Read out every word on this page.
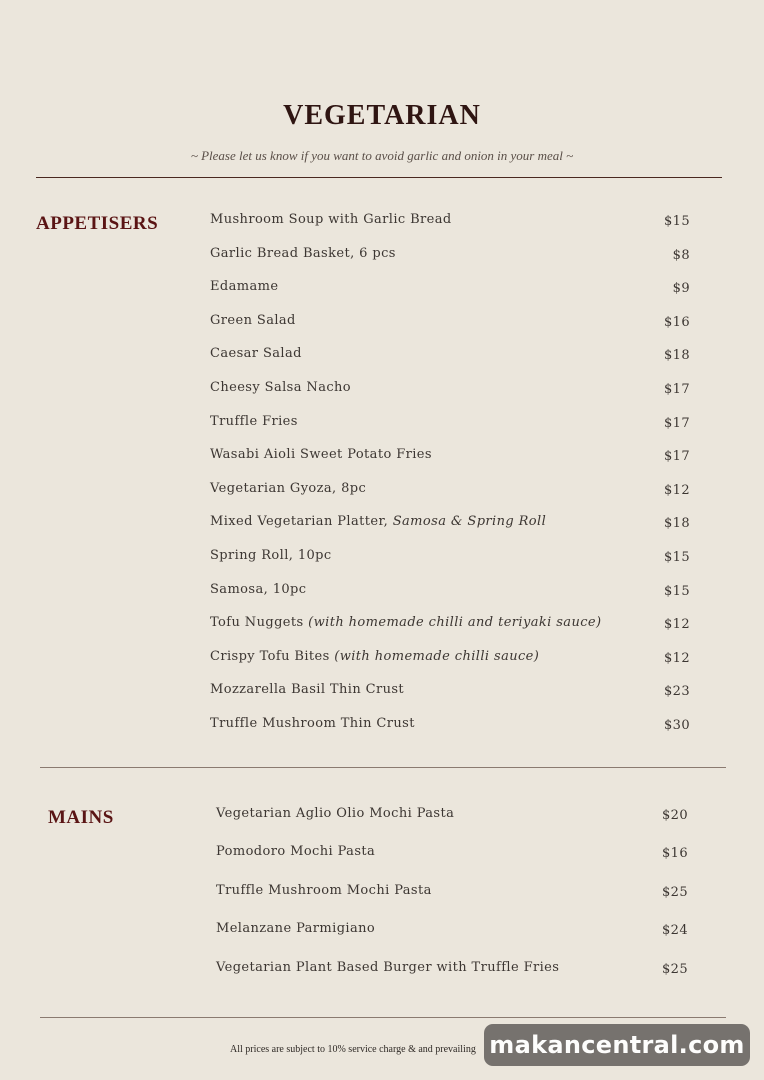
VEGETARIAN
~ Please let us know if you want to avoid garlic and onion in your meal ~
APPETISERS	Mushroom Soup with Garlic Bread	$15
Garlic Bread Basket, 6 pcs	$8
Edamame	$9
Green Salad	$16
Caesar Salad	$18
Cheesy Salsa Nacho	$17
Truffle Fries	$17
Wasabi Aioli Sweet Potato Fries	$17
Vegetarian Gyoza, 8pc	$12
Mixed Vegetarian Platter, Samosa & Spring Roll	$18
Spring Roll, 10pc	$15
Samosa, 10pc	$15
Tofu Nuggets (with homemade chilli and teriyaki sauce)	$12
Crispy Tofu Bites (with homemade chilli sauce)	$12
Mozzarella Basil Thin Crust	$23
Truffle Mushroom Thin Crust	$30
MAINS	Vegetarian Aglio Olio Mochi Pasta	$20
Pomodoro Mochi Pasta	$16
Truffle Mushroom Mochi Pasta	$25
Melanzane Parmigiano	$24
Vegetarian Plant Based Burger with Truffle Fries	$25
All prices are subject to 10% service charge & and prevailing makancentral.com
